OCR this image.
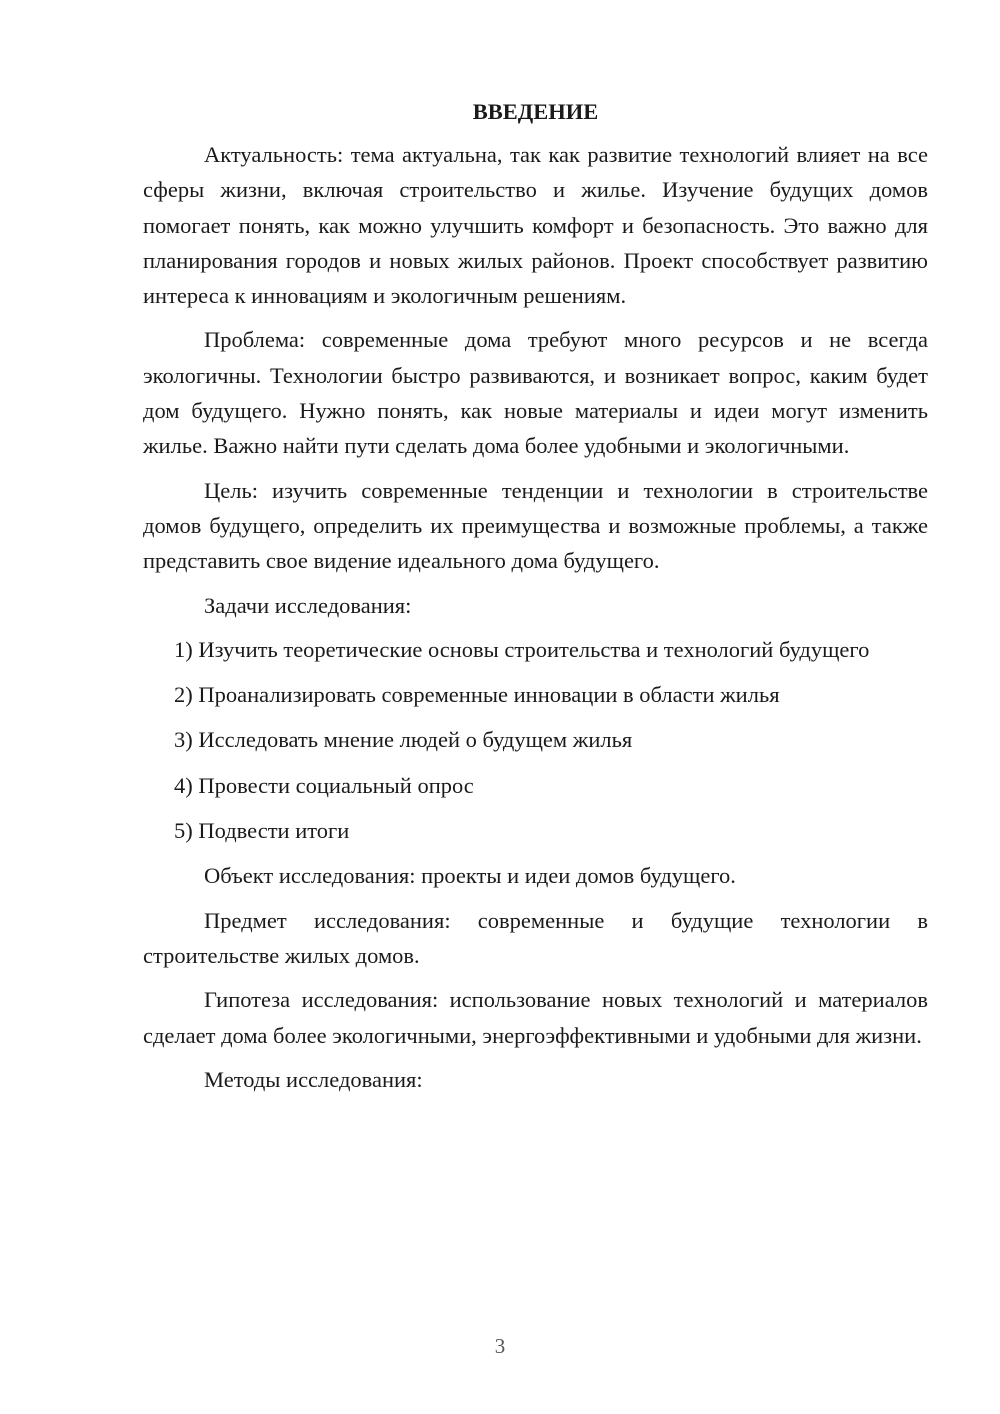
ВВЕДЕНИЕ

Актуальность: тема актуальна, так как развитие технологий влияет на все сферы жизни, включая строительство и жилье. Изучение будущих домов помогает понять, как можно улучшить комфорт и безопасность. Это важно для планирования городов и новых жилых районов. Проект способствует развитию интереса к инновациям и экологичным решениям.

Проблема: современные дома требуют много ресурсов и не всегда экологичны. Технологии быстро развиваются, и возникает вопрос, каким будет дом будущего. Нужно понять, как новые материалы и идеи могут изменить жилье. Важно найти пути сделать дома более удобными и экологичными.

Цель: изучить современные тенденции и технологии в строительстве домов будущего, определить их преимущества и возможные проблемы, а также представить свое видение идеального дома будущего.

Задачи исследования:

1) Изучить теоретические основы строительства и технологий будущего

2) Проанализировать современные инновации в области жилья

3) Исследовать мнение людей о будущем жилья

4) Провести социальный опрос

5) Подвести итоги

Объект исследования: проекты и идеи домов будущего.

Предмет исследования: современные и будущие технологии в строительстве жилых домов.

Гипотеза исследования: использование новых технологий и материалов сделает дома более экологичными, энергоэффективными и удобными для жизни.

Методы исследования:

3
